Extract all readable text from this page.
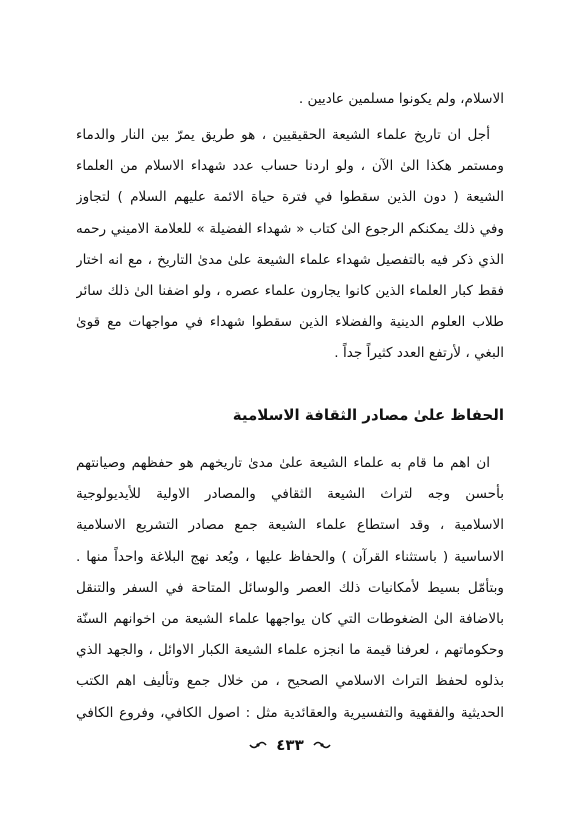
الاسلام، ولم يكونوا مسلمين عاديين .
أجل ان تاريخ علماء الشيعة الحقيقيين ، هو طريق يمرّ بين النار والدماء
ومستمر هكذا الىٰ الآن ، ولو اردنا حساب عدد شهداء الاسلام من العلماء
الشيعة ( دون الذين سقطوا في فترة حياة الائمة عليهم السلام ) لتجاوز
وفي ذلك يمكنكم الرجوع الىٰ كتاب « شهداء الفضيلة » للعلامة الاميني رحمه
الذي ذكر فيه بالتفصيل شهداء علماء الشيعة علىٰ مدىٰ التاريخ ، مع انه اختار
فقط كبار العلماء الذين كانوا يجارون علماء عصره ، ولو اضفنا الىٰ ذلك سائر
طلاب العلوم الدينية والفضلاء الذين سقطوا شهداء في مواجهات مع قوىٰ
البغي ، لأرتفع العدد كثيراً جداً .
الحفاظ علىٰ مصادر الثقافة الاسلامية
ان اهم ما قام به علماء الشيعة علىٰ مدىٰ تاريخهم هو حفظهم وصيانتهم
بأحسن وجه لتراث الشيعة الثقافي والمصادر الاولية للأيديولوجية
الاسلامية ، وقد استطاع علماء الشيعة جمع مصادر التشريع الاسلامية
الاساسية ( باستثناء القرآن ) والحفاظ عليها ، ويُعد نهج البلاغة واحداً منها .
وبتأمّل بسيط لأمكانيات ذلك العصر والوسائل المتاحة في السفر والتنقل
بالاضافة الىٰ الضغوطات التي كان يواجهها علماء الشيعة من اخوانهم السنّة
وحكوماتهم ، لعرفنا قيمة ما انجزه علماء الشيعة الكبار الاوائل ، والجهد الذي
بذلوه لحفظ التراث الاسلامي الصحيح ، من خلال جمع وتأليف اهم الكتب
الحديثية والفقهية والتفسيرية والعقائدية مثل : اصول الكافي، وفروع الكافي
٤٣٣
